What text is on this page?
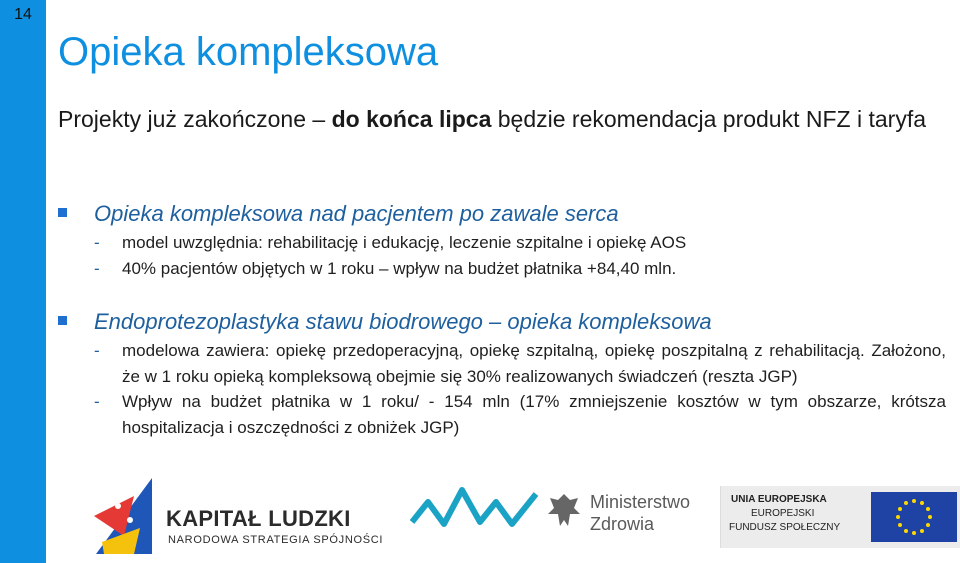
14
Opieka kompleksowa
Projekty już zakończone – do końca lipca będzie rekomendacja produkt NFZ i taryfa
Opieka kompleksowa nad pacjentem po zawale serca
- model uwzględnia: rehabilitację i edukację, leczenie szpitalne i opiekę AOS
- 40% pacjentów objętych w 1 roku – wpływ na budżet płatnika +84,40 mln.
Endoprotezoplastyka stawu biodrowego – opieka kompleksowa
- modelowa zawiera: opiekę przedoperacyjną, opiekę szpitalną, opiekę poszpitalną z rehabilitacją. Założono, że w 1 roku opieką kompleksową obejmie się 30% realizowanych świadczeń (reszta JGP)
- Wpływ na budżet płatnika w 1 roku/ - 154 mln (17% zmniejszenie kosztów w tym obszarze, krótsza hospitalizacja i oszczędności z obniżek JGP)
KAPITAŁ LUDZKI
NARODOWA STRATEGIA SPÓJNOŚCI
Ministerstwo
Zdrowia
UNIA EUROPEJSKA
EUROPEJSKI
FUNDUSZ SPOŁECZNY
